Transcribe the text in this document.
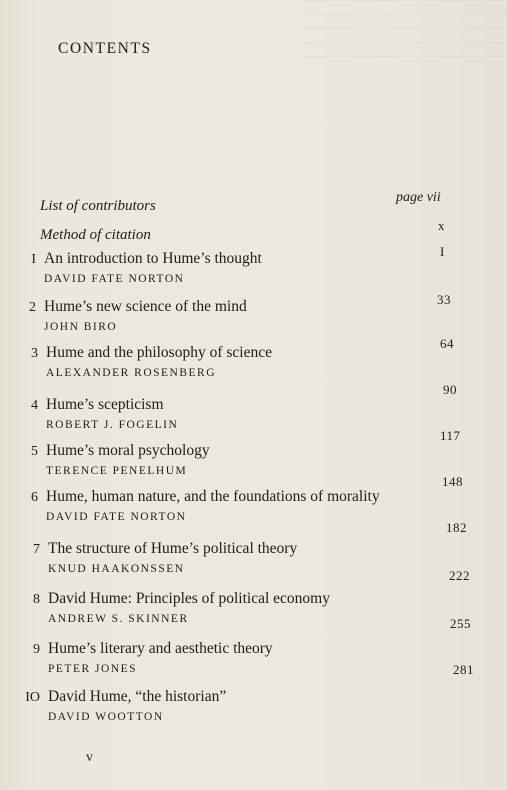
CONTENTS
List of contributors
page vii
Method of citation
x
I An introduction to Hume’s thought
DAVID FATE NORTON
I
2 Hume’s new science of the mind
JOHN BIRO
33
3 Hume and the philosophy of science
ALEXANDER ROSENBERG
64
4 Hume’s scepticism
ROBERT J. FOGELIN
90
5 Hume’s moral psychology
TERENCE PENELHUM
117
6 Hume, human nature, and the foundations of morality
DAVID FATE NORTON
148
7 The structure of Hume’s political theory
KNUD HAAKONSSEN
182
8 David Hume: Principles of political economy
ANDREW S. SKINNER
222
9 Hume’s literary and aesthetic theory
PETER JONES
255
IO David Hume, “the historian”
DAVID WOOTTON
281
v
